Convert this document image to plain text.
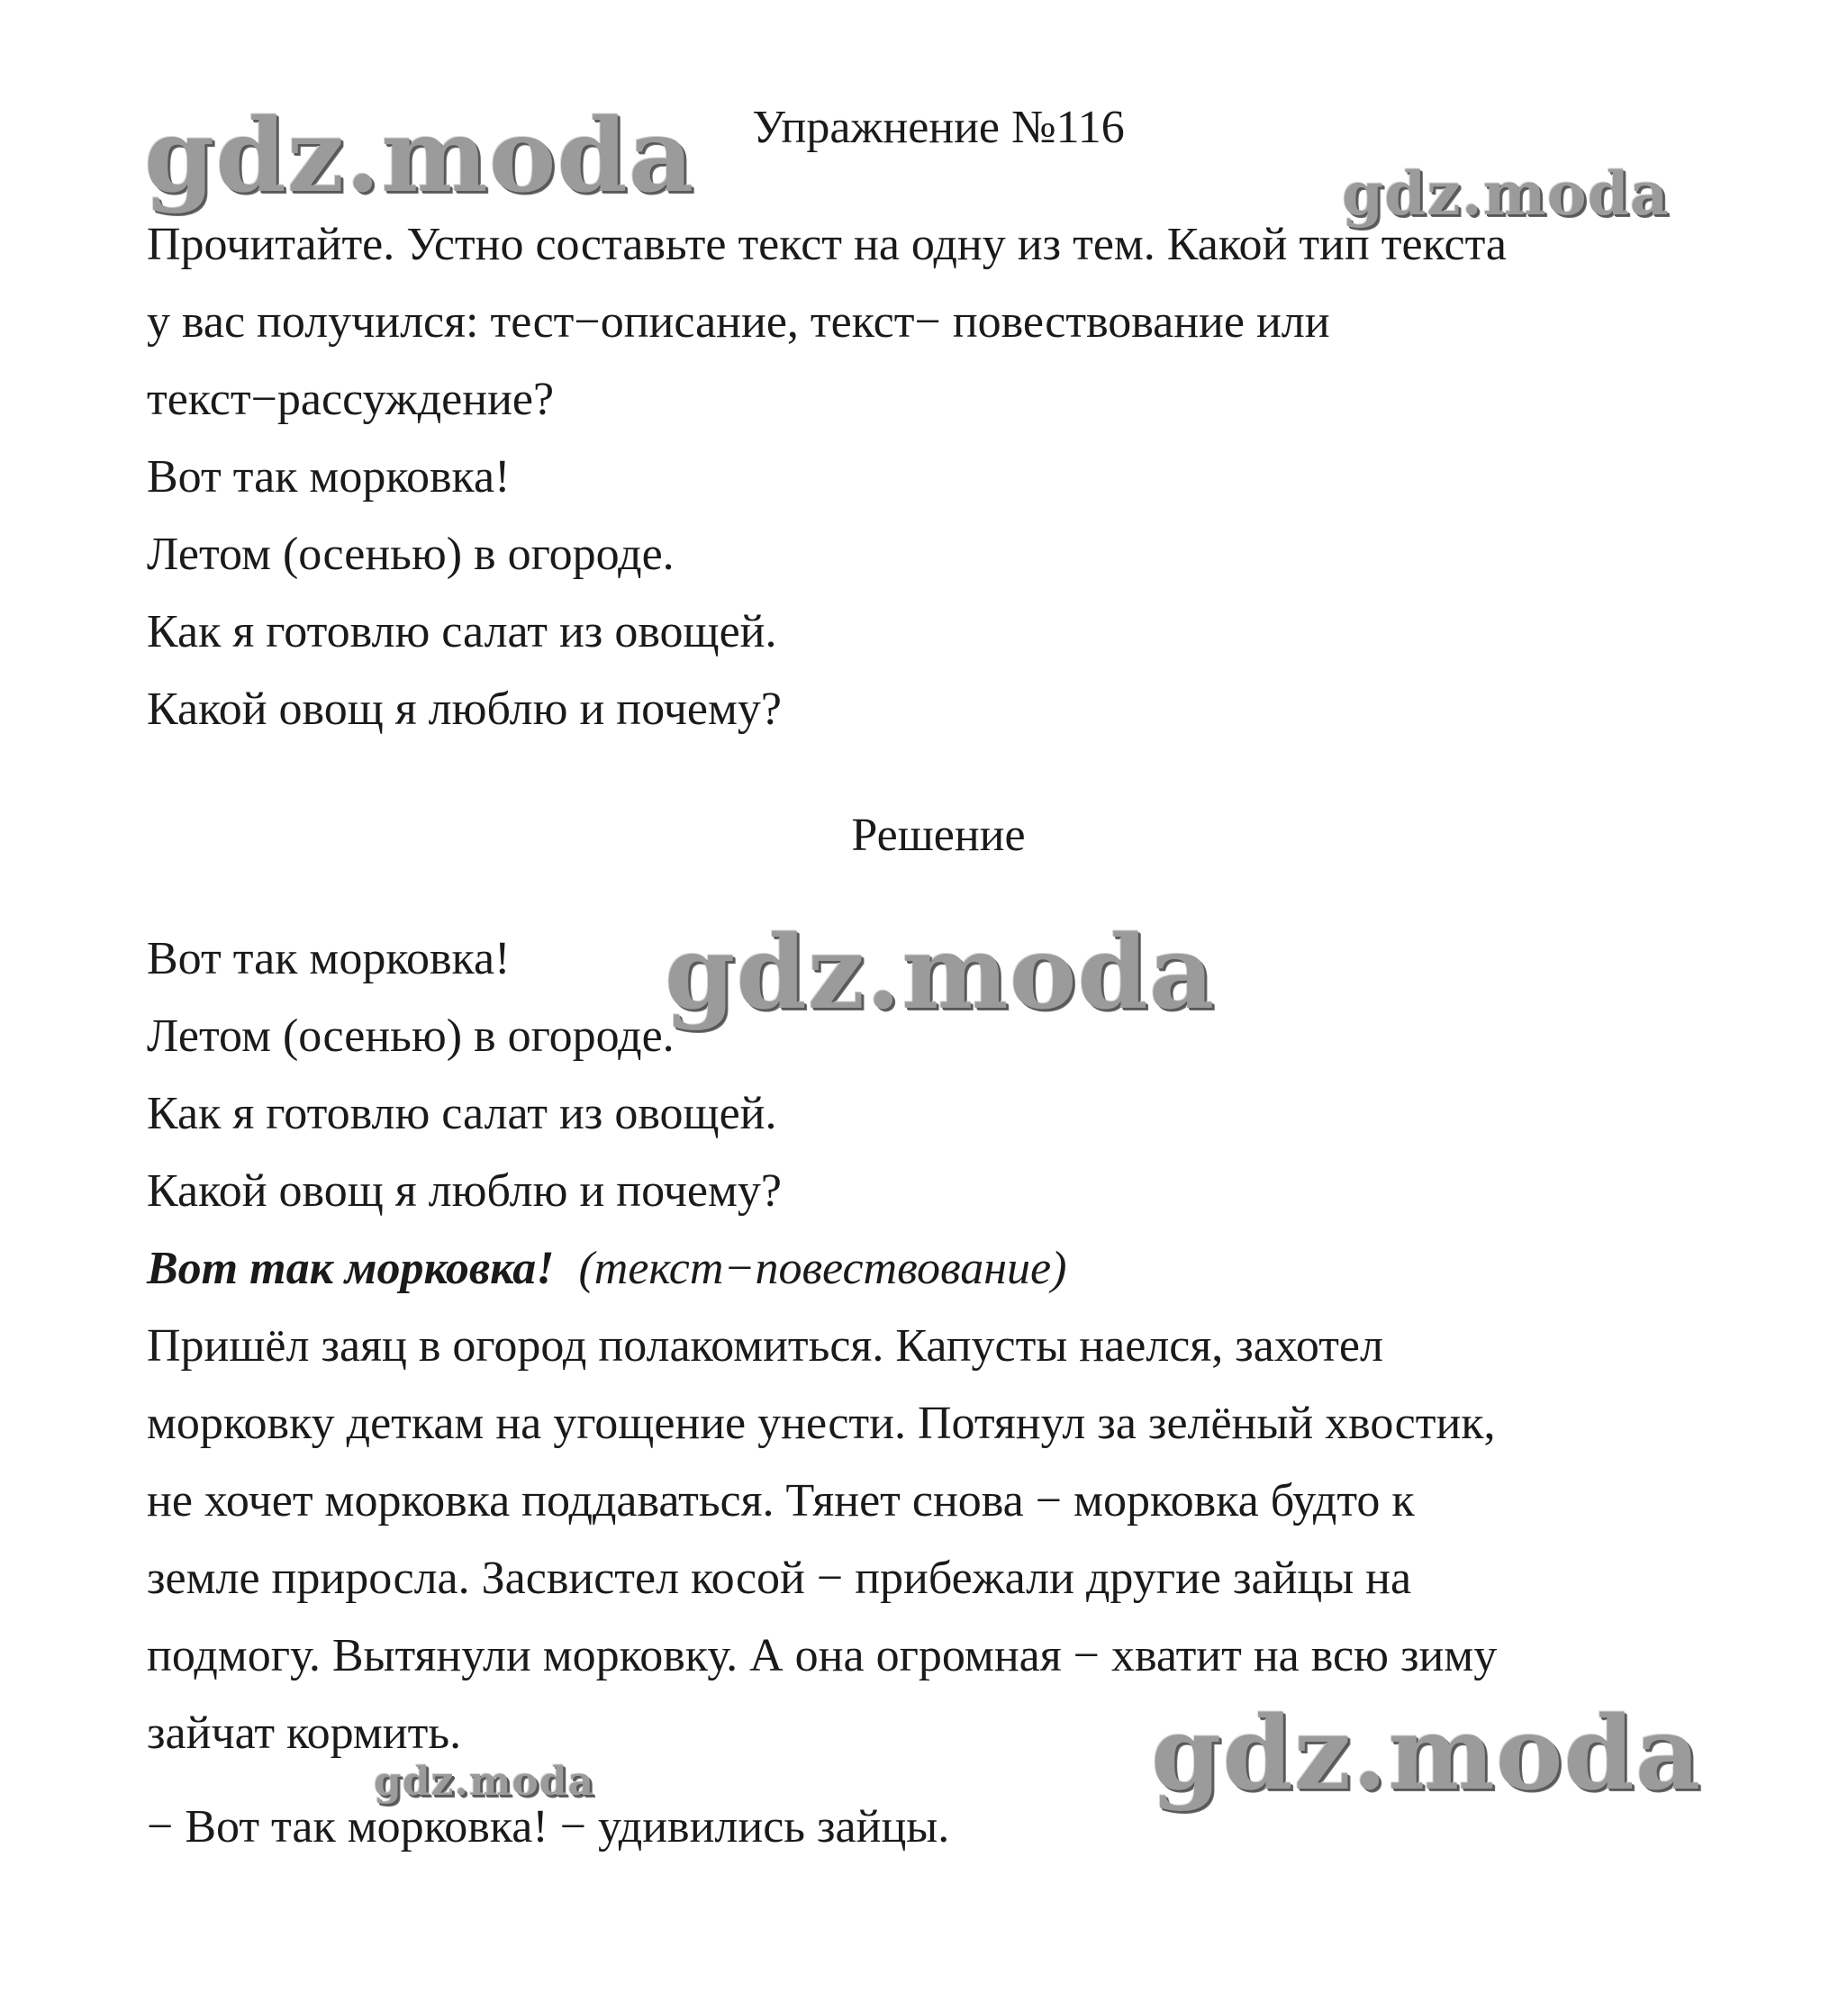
gdz.moda	gdz.moda
gdz.moda
gdz.moda
gdz.moda
Упражнение №116
Прочитайте. Устно составьте текст на одну из тем. Какой тип текста
у вас получился: тест−описание, текст− повествование или
текст−рассуждение?
Вот так морковка!
Летом (осенью) в огороде.
Как я готовлю салат из овощей.
Какой овощ я люблю и почему?
Решение
Вот так морковка!
Летом (осенью) в огороде.
Как я готовлю салат из овощей.
Какой овощ я люблю и почему?
Вот так морковка! (текст−повествование)
Пришёл заяц в огород полакомиться. Капусты наелся, захотел
морковку деткам на угощение унести. Потянул за зелёный хвостик,
не хочет морковка поддаваться. Тянет снова − морковка будто к
земле приросла. Засвистел косой − прибежали другие зайцы на
подмогу. Вытянули морковку. А она огромная − хватит на всю зиму
зайчат кормить.
− Вот так морковка! − удивились зайцы.
